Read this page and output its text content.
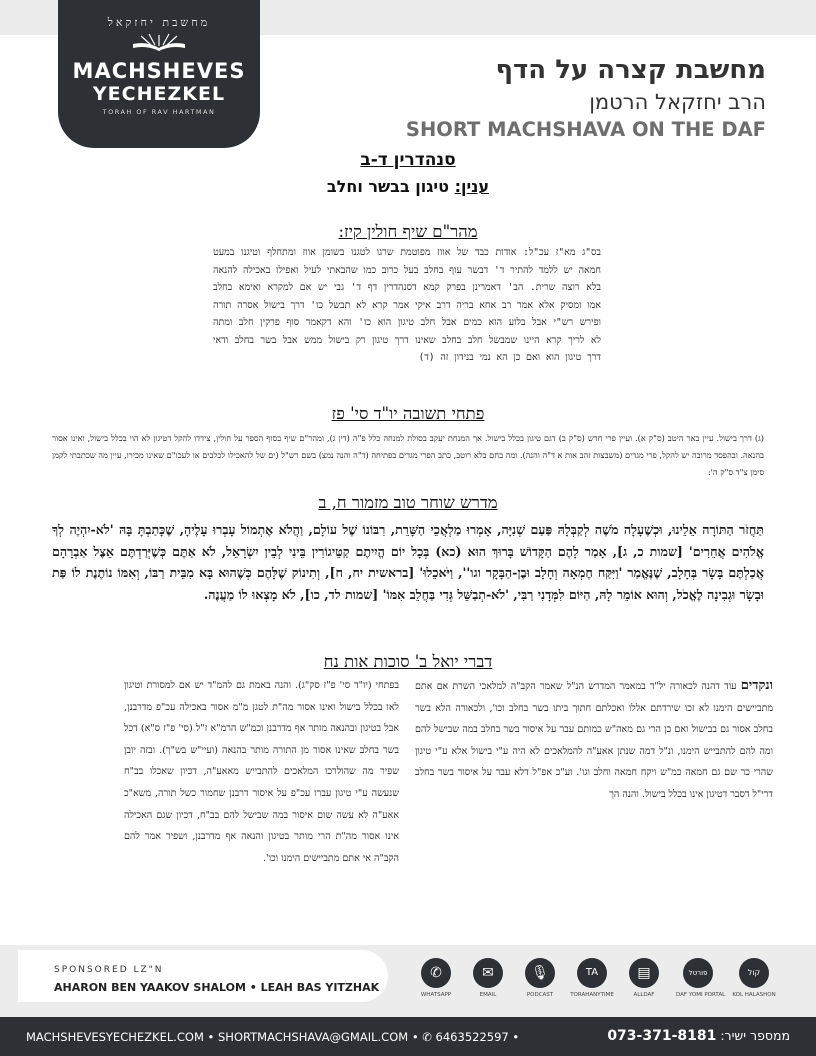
מחשבת יחזקאל
MACHSHEVES
YECHEZKEL
TORAH OF RAV HARTMAN
מחשבת קצרה על הדף
הרב יחזקאל הרטמן
SHORT MACHSHAVA ON THE DAF
סנהדרין ד-ב
ענין: טיגון בבשר וחלב
מהר"ם שיף חולין קיז:
בס"ג מא"ז עכ"ל: אודות כבד של אווז מפוטמת שרגו לטגנו בשומן אווז ומתחלף וטיגנו במעט חמאה יש ללמד להתיר ד' דבשר עוף בחלב בעל כרוב כמו שהבאתי לעיל ואפילו באכילה להנאה בלא רוצה שרית. הב' דאמרינן בפרק קמא דסנהדרין דף ד' גבי יש אם למקרא ואימא בחלב אמו ומסיק אלא אמר רב אחא בריה דרב איקי אמר קרא לא תבשל כו' דרך בישול אסרה תורה ופירש רש"י אבל בלוע הוא כמים אבל חלב טיגון הוא כו' והא דקאמר סוף פרקין חלב ומתה לא לריך קרא היינו שמבשל חלב בחלב שאינו דרך טיגון רק בישול ממש אבל בשר בחלב ודאי דרך טיגון הוא ואם כן הא נמי בנידון זה (ד)
פתחי תשובה יו"ד סי' פז
(ג) דרך בישול. עיין באר היטב (ס"ק א). ועיין פרי חדש (ס"ק ב) דגם טיגון בכלל בישול. אך המנחת יעקב בסולת למנחה כלל פ"ה (דין ג), ומהר"ם שיף בסוף הספר על חולין, צידדו להקל דטיגון לא הוי בכלל בישול, ואינו אסור בהנאה. ובהפסד מרובה יש להקל, פרי מגדים (משבצות זהב אות א ד"ה והנה). ומה בחם בלא רוטב, כתב הפרי מגדים בפתיחה (ד"ה והנה נמצ) בשם רש"ל (ים של להאכילו לכלבים או לעכו"ם שאינו מכירו, עיין מה שכתבתי לקמן סימן צ"ד ס"ק ה':
מדרש שוחר טוב מזמור ח, ב
תַּחֲזֹר הַתּוֹרָה אֵלֵינוּ, וּכְשֶׁעָלָה מֹשֶׁה לְקַבְּלָהּ פַּעַם שְׁנִיָּה, אָמְרוּ מַלְאֲכֵי הַשָּׁרֵת, רִבּוֹנוֹ שֶׁל עוֹלָם, וַהֲלֹא אֶתְמוֹל עָבְרוּ עָלֶיהָ, שֶׁכָּתַבְתָּ בָּהּ 'לֹא-יִהְיֶה לְךָ אֱלֹהִים אֲחֵרִים' [שמות כ, ג], אָמַר לָהֶם הַקָּדוֹשׁ בָּרוּךְ הוּא (כא) בְּכָל יוֹם הֱיִיתֶם קַטֵּיגוֹרִין בֵּינִי לְבֵין יִשְׂרָאֵל, לֹא אַתֶּם כְּשֶׁיְּרַדְתֶּם אֵצֶל אַבְרָהָם אֲכַלְתֶּם בָּשָׂר בְּחָלָב, שֶׁנֶּאֱמַר 'וַיִּקַּח חֶמְאָה וְחָלָב וּבֶן-הַבָּקָר וגו'', וַיֹּאכֵלוּ' [בראשית יח, ח], וְתִינוֹק שֶׁלָּהֶם כְּשֶׁהוּא בָּא מִבֵּית רַבּוֹ, וְאִמּוֹ נוֹתֶנֶת לוֹ פַּת וּבָשָׂר וּגְבִינָה לֶאֱכֹל, וְהוּא אוֹמֵר לָהּ, הַיּוֹם לִמְּדָנִי רַבִּי, 'לֹא-תְבַשֵּׁל גְּדִי בַּחֲלֵב אִמּוֹ' [שמות לד, כו], לֹא מָצְאוּ לוֹ מַעֲנֶה.
דברי יואל ב' סוכות אות נח
ונקדים עוד דהנה לכאורה יל"ד במאמר המדרש הנ"ל שאמר הקב"ה למלאכי השרת אם אתם מתביישים הימנו לא זכו שירדתם אללו ואכלתם חתוך ביתו בשר בחלב וכו', ולכאורה הלא בשר בחלב אסור גם בבישול ואם כן הרי גם מאה"ש כמותם עבר על איסור בשר בחלב במה שבישל להם ומה להם להתבייש הימנו, ונ"ל דמה שנתן אאע"ה להמלאכים לא היה ע"י בישול אלא ע"י טיגון שהרי כר שם גם חמאה כמ"ש ויקח חמאה וחלב וגו'. וע"כ אפ"ל דלא עבר על איסור בשר בחלב דרי"ל דסבר דטיגון אינו בכלל בישול. והנה הך
בפתחי (יו"ד סי' פ"ז סק"ג). והנה באמת גם להמ"ד יש אם למסורת וטיגון לאו בכלל בישול ואינו אסור מה"ת לטגן מ"מ אסור באכילה עכ"פ מדרבנן, אבל בטיגון ובהנאה מותר אף מדרבנן וכמ"ש הרמ"א ז"ל (סי' פ"ז ס"א) דכל בשר בחלב שאינו אסור מן התורה מותר בהנאה (ועיי"ש בש"ך). ובזה יובן שפיר מה שהולרכו המלאכים להתבייש מאאע"ה, דכיון שאכלו בב"ח שנעשה ע"י טיגון עברו עכ"פ על איסור דרבנן שחמור כשל תורה, משא"כ אאע"ה לא עשה שום איסור במה שבישל להם בב"ח, דכיון שגם האכילה אינו אסור מה"ת הרי מותר בטיגון והנאה אף מדרבנן, ושפיר אמר להם הקב"ה אי אתם מתביישים הימנו וכו'.
SPONSORED LZ"N
AHARON BEN YAAKOV SHALOM • LEAH BAS YITZHAK
✆
WHATSAPP
✉
EMAIL
🎙
PODCAST
TA
TORAHANYTIME
▤
ALLDAF
פורטל
DAF YOMI PORTAL
קול
KOL HALASHON
MACHSHEVESYECHEZKEL.COM • SHORTMACHSHAVA@GMAIL.COM • ✆ 6463522597 •	ממספר ישיר: 073-371-8181
